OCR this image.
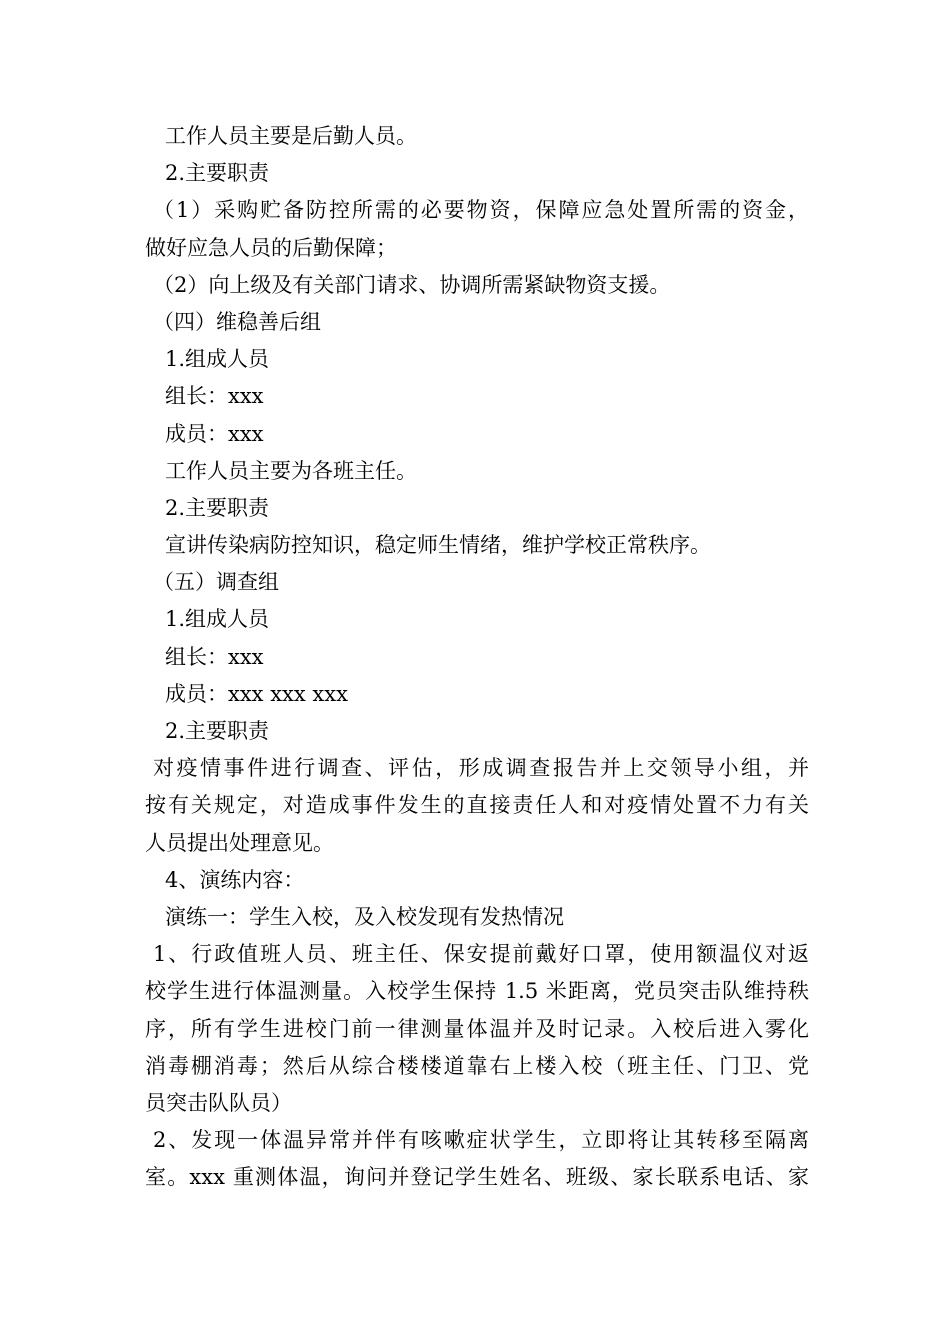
工作人员主要是后勤人员。

2.主要职责

（1）采购贮备防控所需的必要物资，保障应急处置所需的资金，

做好应急人员的后勤保障；

（2）向上级及有关部门请求、协调所需紧缺物资支援。

（四）维稳善后组

1.组成人员

组长：xxx

成员：xxx

工作人员主要为各班主任。

2.主要职责

宣讲传染病防控知识，稳定师生情绪，维护学校正常秩序。

（五）调查组

1.组成人员

组长：xxx

成员：xxx xxx xxx

2.主要职责

对疫情事件进行调查、评估，形成调查报告并上交领导小组，并

按有关规定，对造成事件发生的直接责任人和对疫情处置不力有关

人员提出处理意见。

4、演练内容：

演练一：学生入校，及入校发现有发热情况

1、行政值班人员、班主任、保安提前戴好口罩，使用额温仪对返

校学生进行体温测量。入校学生保持 1.5 米距离，党员突击队维持秩

序，所有学生进校门前一律测量体温并及时记录。入校后进入雾化

消毒棚消毒；然后从综合楼楼道靠右上楼入校（班主任、门卫、党

员突击队队员）

2、发现一体温异常并伴有咳嗽症状学生，立即将让其转移至隔离

室。xxx 重测体温，询问并登记学生姓名、班级、家长联系电话、家
